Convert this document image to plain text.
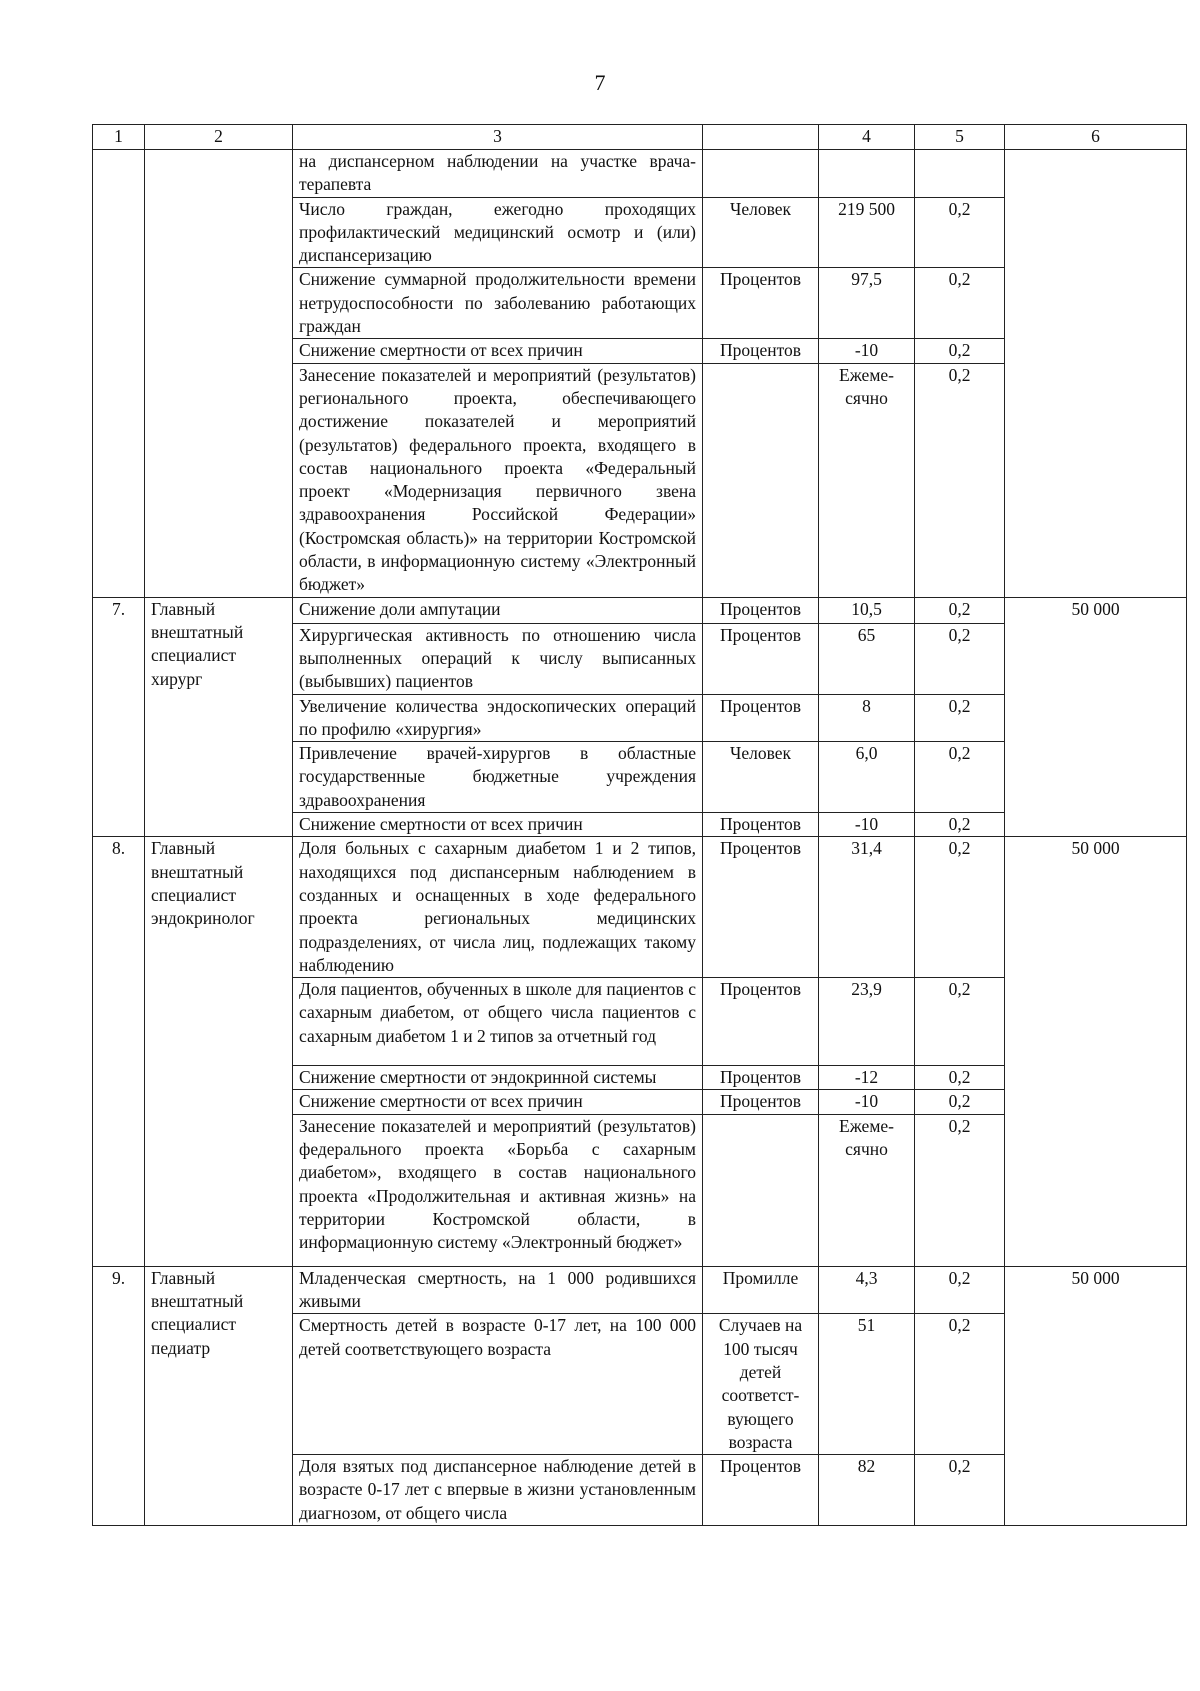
7
1	2	3		4	5	6
		на диспансерном наблюдении на участке врача-терапевта				
		Число граждан, ежегодно проходящих профилактический медицинский осмотр и (или) диспансеризацию	Человек	219 500	0,2	
		Снижение суммарной продолжительности времени нетрудоспособности по заболеванию работающих граждан	Процентов	97,5	0,2	
		Снижение смертности от всех причин	Процентов	-10	0,2	
		Занесение показателей и мероприятий (результатов) регионального проекта, обеспечивающего достижение показателей и мероприятий (результатов) федерального проекта, входящего в состав национального проекта «Федеральный проект «Модернизация первичного звена здравоохранения Российской Федерации» (Костромская область)» на территории Костромской области, в информационную систему «Электронный бюджет»		Ежеме-сячно	0,2	
7.	Главный внештатный специалист хирург	Снижение доли ампутации	Процентов	10,5	0,2	50 000
		Хирургическая активность по отношению числа выполненных операций к числу выписанных (выбывших) пациентов	Процентов	65	0,2	
		Увеличение количества эндоскопических операций по профилю «хирургия»	Процентов	8	0,2	
		Привлечение врачей-хирургов в областные государственные бюджетные учреждения здравоохранения	Человек	6,0	0,2	
		Снижение смертности от всех причин	Процентов	-10	0,2	
8.	Главный внештатный специалист эндокринолог	Доля больных с сахарным диабетом 1 и 2 типов, находящихся под диспансерным наблюдением в созданных и оснащенных в ходе федерального проекта региональных медицинских подразделениях, от числа лиц, подлежащих такому наблюдению	Процентов	31,4	0,2	50 000
		Доля пациентов, обученных в школе для пациентов с сахарным диабетом, от общего числа пациентов с сахарным диабетом 1 и 2 типов за отчетный год	Процентов	23,9	0,2	
		Снижение смертности от эндокринной системы	Процентов	-12	0,2	
		Снижение смертности от всех причин	Процентов	-10	0,2	
		Занесение показателей и мероприятий (результатов) федерального проекта «Борьба с сахарным диабетом», входящего в состав национального проекта «Продолжительная и активная жизнь» на территории Костромской области, в информационную систему «Электронный бюджет»		Ежеме-сячно	0,2	
9.	Главный внештатный специалист педиатр	Младенческая смертность, на 1 000 родившихся живыми	Промилле	4,3	0,2	50 000
		Смертность детей в возрасте 0-17 лет, на 100 000 детей соответствующего возраста	Случаев на 100 тысяч детей соответст-вующего возраста	51	0,2	
		Доля взятых под диспансерное наблюдение детей в возрасте 0-17 лет с впервые в жизни установленным диагнозом, от общего числа	Процентов	82	0,2	
